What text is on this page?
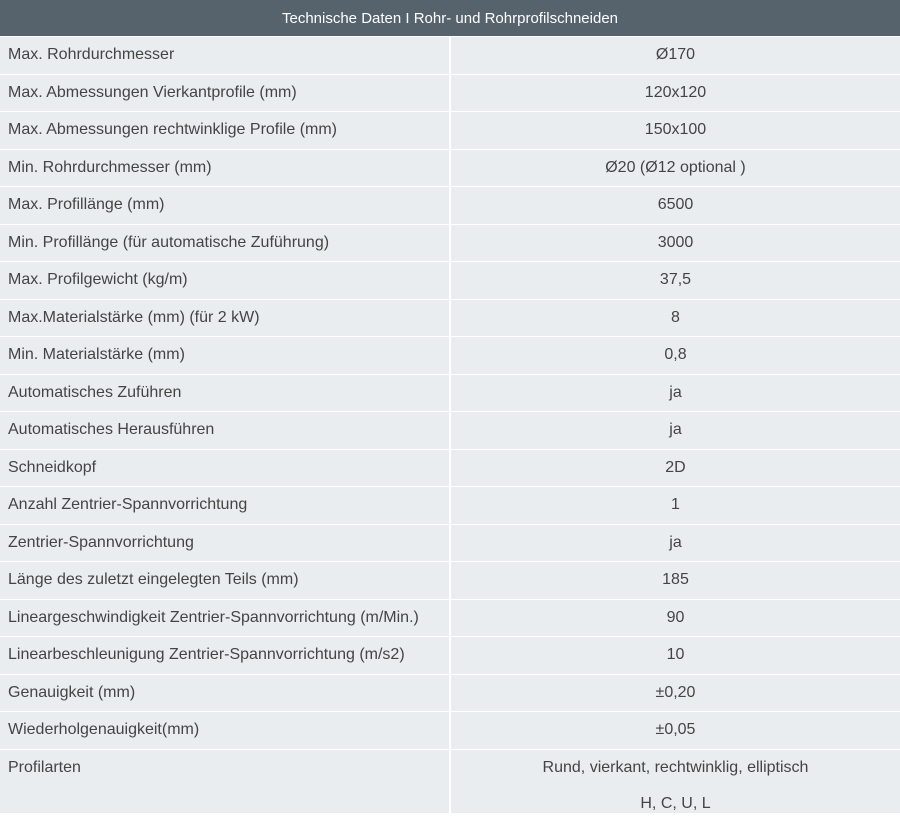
Technische Daten I Rohr- und Rohrprofilschneiden	
Max. Rohrdurchmesser	Ø170
Max. Abmessungen Vierkantprofile (mm)	120x120
Max. Abmessungen rechtwinklige Profile (mm)	150x100
Min. Rohrdurchmesser (mm)	Ø20 (Ø12 optional )
Max. Profillänge (mm)	6500
Min. Profillänge (für automatische Zuführung)	3000
Max. Profilgewicht (kg/m)	37,5
Max.Materialstärke (mm) (für 2 kW)	8
Min. Materialstärke (mm)	0,8
Automatisches Zuführen	ja
Automatisches Herausführen	ja
Schneidkopf	2D
Anzahl Zentrier-Spannvorrichtung	1
Zentrier-Spannvorrichtung	ja
Länge des zuletzt eingelegten Teils (mm)	185
Lineargeschwindigkeit Zentrier-Spannvorrichtung (m/Min.)	90
Linearbeschleunigung Zentrier-Spannvorrichtung (m/s2)	10
Genauigkeit (mm)	±0,20
Wiederholgenauigkeit(mm)	±0,05
Profilarten	Rund, vierkant, rechtwinklig, elliptisch
H, C, U, L
